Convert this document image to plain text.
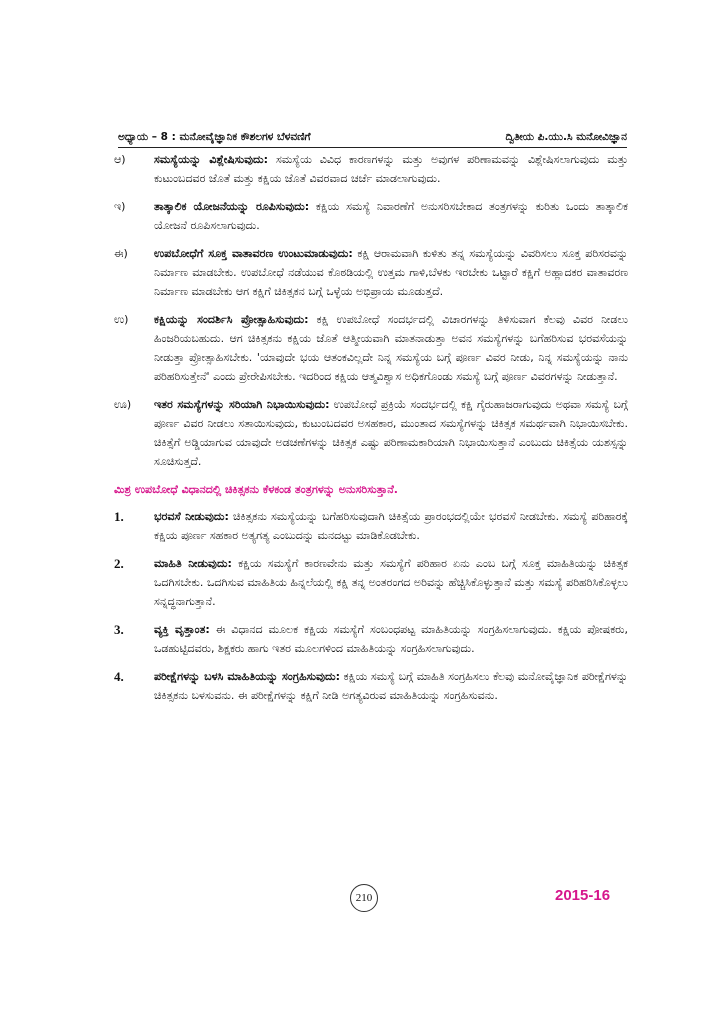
ಅಧ್ಯಾಯ – 8 : ಮನೋವೈಜ್ಞಾನಿಕ ಕೌಶಲಗಳ ಬೆಳವಣಿಗೆ	ದ್ವಿತೀಯ ಪಿ.ಯು.ಸಿ ಮನೋವಿಜ್ಞಾನ
ಆ)	ಸಮಸ್ಯೆಯನ್ನು ವಿಶ್ಲೇಷಿಸುವುದು: ಸಮಸ್ಯೆಯ ವಿವಿಧ ಕಾರಣಗಳನ್ನು ಮತ್ತು ಅವುಗಳ ಪರಿಣಾಮವನ್ನು ವಿಶ್ಲೇಷಿಸಲಾಗುವುದು ಮತ್ತು ಕುಟುಂಬದವರ ಜೊತೆ ಮತ್ತು ಕಕ್ಷಿಯ ಜೊತೆ ವಿವರವಾದ ಚರ್ಚೆ ಮಾಡಲಾಗುವುದು.
ಇ)	ತಾತ್ಕಾಲಿಕ ಯೋಜನೆಯನ್ನು ರೂಪಿಸುವುದು: ಕಕ್ಷಿಯ ಸಮಸ್ಯೆ ನಿವಾರಣೆಗೆ ಅನುಸರಿಸಬೇಕಾದ ತಂತ್ರಗಳನ್ನು ಕುರಿತು ಒಂದು ತಾತ್ಕಾಲಿಕ ಯೋಜನೆ ರೂಪಿಸಲಾಗುವುದು.
ಈ)	ಉಪಬೋಧೆಗೆ ಸೂಕ್ತ ವಾತಾವರಣ ಉಂಟುಮಾಡುವುದು: ಕಕ್ಷಿ ಆರಾಮವಾಗಿ ಕುಳಿತು ತನ್ನ ಸಮಸ್ಯೆಯನ್ನು ವಿವರಿಸಲು ಸೂಕ್ತ ಪರಿಸರವನ್ನು ನಿರ್ಮಾಣ ಮಾಡಬೇಕು. ಉಪಬೋಧೆ ನಡೆಯುವ ಕೊಠಡಿಯಲ್ಲಿ ಉತ್ತಮ ಗಾಳಿ,ಬೆಳಕು ಇರಬೇಕು ಒಟ್ಟಾರೆ ಕಕ್ಷಿಗೆ ಅಹ್ಲಾದಕರ ವಾತಾವರಣ ನಿರ್ಮಾಣ ಮಾಡಬೇಕು ಆಗ ಕಕ್ಷಿಗೆ ಚಿಕಿತ್ಸಕನ ಬಗ್ಗೆ ಒಳ್ಳೆಯ ಅಭಿಪ್ರಾಯ ಮೂಡುತ್ತದೆ.
ಉ)	ಕಕ್ಷಿಯನ್ನು ಸಂದರ್ಶಿಸಿ ಪ್ರೋತ್ಸಾಹಿಸುವುದು: ಕಕ್ಷಿ ಉಪಬೋಧೆ ಸಂದರ್ಭದಲ್ಲಿ ವಿಚಾರಗಳನ್ನು ತಿಳಿಸುವಾಗ ಕೆಲವು ವಿವರ ನೀಡಲು ಹಿಂಜರಿಯಬಹುದು. ಆಗ ಚಿಕಿತ್ಸಕನು ಕಕ್ಷಿಯ ಜೊತೆ ಆತ್ಮೀಯವಾಗಿ ಮಾತನಾಡುತ್ತಾ ಅವನ ಸಮಸ್ಯೆಗಳನ್ನು ಬಗೆಹರಿಸುವ ಭರವಸೆಯನ್ನು ನೀಡುತ್ತಾ ಪ್ರೋತ್ಸಾಹಿಸಬೇಕು. 'ಯಾವುದೇ ಭಯ ಆತಂಕವಿಲ್ಲದೇ ನಿನ್ನ ಸಮಸ್ಯೆಯ ಬಗ್ಗೆ ಪೂರ್ಣ ವಿವರ ನೀಡು, ನಿನ್ನ ಸಮಸ್ಯೆಯನ್ನು ನಾನು ಪರಿಹರಿಸುತ್ತೇನೆ' ಎಂದು ಪ್ರೇರೇಪಿಸಬೇಕು. ಇದರಿಂದ ಕಕ್ಷಿಯ ಆತ್ಮವಿಶ್ವಾಸ ಅಧಿಕಗೊಂಡು ಸಮಸ್ಯೆ ಬಗ್ಗೆ ಪೂರ್ಣ ವಿವರಗಳನ್ನು ನೀಡುತ್ತಾನೆ.
ಊ)	ಇತರ ಸಮಸ್ಯೆಗಳನ್ನು ಸರಿಯಾಗಿ ನಿಭಾಯಿಸುವುದು: ಉಪಬೋಧೆ ಪ್ರಕ್ರಿಯೆ ಸಂದರ್ಭದಲ್ಲಿ ಕಕ್ಷಿ ಗೈರುಹಾಜರಾಗುವುದು ಅಥವಾ ಸಮಸ್ಯೆ ಬಗ್ಗೆ ಪೂರ್ಣ ವಿವರ ನೀಡಲು ಸತಾಯಿಸುವುದು, ಕುಟುಂಬದವರ ಅಸಹಕಾರ, ಮುಂತಾದ ಸಮಸ್ಯೆಗಳನ್ನು ಚಿಕಿತ್ಸಕ ಸಮರ್ಥವಾಗಿ ನಿಭಾಯಿಸಬೇಕು. ಚಿಕಿತ್ಸೆಗೆ ಅಡ್ಡಿಯಾಗುವ ಯಾವುದೇ ಅಡಚಣೆಗಳನ್ನು ಚಿಕಿತ್ಸಕ ಎಷ್ಟು ಪರಿಣಾಮಕಾರಿಯಾಗಿ ನಿಭಾಯಿಸುತ್ತಾನೆ ಎಂಬುದು ಚಿಕಿತ್ಸೆಯ ಯಶಸ್ಸನ್ನು ಸೂಚಿಸುತ್ತದೆ.
ಮಿಶ್ರ ಉಪಬೋಧೆ ವಿಧಾನದಲ್ಲಿ ಚಿಕಿತ್ಸಕನು ಕೆಳಕಂಡ ತಂತ್ರಗಳನ್ನು ಅನುಸರಿಸುತ್ತಾನೆ.
1.	ಭರವಸೆ ನೀಡುವುದು: ಚಿಕಿತ್ಸಕನು ಸಮಸ್ಯೆಯನ್ನು ಬಗೆಹರಿಸುವುದಾಗಿ ಚಿಕಿತ್ಸೆಯ ಪ್ರಾರಂಭದಲ್ಲಿಯೇ ಭರವಸೆ ನೀಡಬೇಕು. ಸಮಸ್ಯೆ ಪರಿಹಾರಕ್ಕೆ ಕಕ್ಷಿಯ ಪೂರ್ಣ ಸಹಕಾರ ಅತ್ಯಗತ್ಯ ಎಂಬುದನ್ನು ಮನದಟ್ಟು ಮಾಡಿಕೊಡಬೇಕು.
2.	ಮಾಹಿತಿ ನೀಡುವುದು: ಕಕ್ಷಿಯ ಸಮಸ್ಯೆಗೆ ಕಾರಣವೇನು ಮತ್ತು ಸಮಸ್ಯೆಗೆ ಪರಿಹಾರ ಏನು ಎಂಬ ಬಗ್ಗೆ ಸೂಕ್ತ ಮಾಹಿತಿಯನ್ನು ಚಿಕಿತ್ಸಕ ಒದಗಿಸಬೇಕು. ಒದಗಿಸುವ ಮಾಹಿತಿಯ ಹಿನ್ನಲೆಯಲ್ಲಿ ಕಕ್ಷಿ ತನ್ನ ಅಂತರಂಗದ ಅರಿವನ್ನು ಹೆಚ್ಚಿಸಿಕೊಳ್ಳುತ್ತಾನೆ ಮತ್ತು ಸಮಸ್ಯೆ ಪರಿಹರಿಸಿಕೊಳ್ಳಲು ಸನ್ನದ್ಧನಾಗುತ್ತಾನೆ.
3.	ವ್ಯಕ್ತಿ ವೃತ್ತಾಂತ: ಈ ವಿಧಾನದ ಮೂಲಕ ಕಕ್ಷಿಯ ಸಮಸ್ಯೆಗೆ ಸಂಬಂಧಪಟ್ಟ ಮಾಹಿತಿಯನ್ನು ಸಂಗ್ರಹಿಸಲಾಗುವುದು. ಕಕ್ಷಿಯ ಪೋಷಕರು, ಒಡಹುಟ್ಟಿದವರು, ಶಿಕ್ಷಕರು ಹಾಗು ಇತರ ಮೂಲಗಳಿಂದ ಮಾಹಿತಿಯನ್ನು ಸಂಗ್ರಹಿಸಲಾಗುವುದು.
4.	ಪರೀಕ್ಷೆಗಳನ್ನು ಬಳಸಿ ಮಾಹಿತಿಯನ್ನು ಸಂಗ್ರಹಿಸುವುದು: ಕಕ್ಷಿಯ ಸಮಸ್ಯೆ ಬಗ್ಗೆ ಮಾಹಿತಿ ಸಂಗ್ರಹಿಸಲು ಕೆಲವು ಮನೋವೈಜ್ಞಾನಿಕ ಪರೀಕ್ಷೆಗಳನ್ನು ಚಿಕಿತ್ಸಕನು ಬಳಸುವನು. ಈ ಪರೀಕ್ಷೆಗಳನ್ನು ಕಕ್ಷಿಗೆ ನೀಡಿ ಅಗತ್ಯವಿರುವ ಮಾಹಿತಿಯನ್ನು ಸಂಗ್ರಹಿಸುವನು.
210	2015-16
